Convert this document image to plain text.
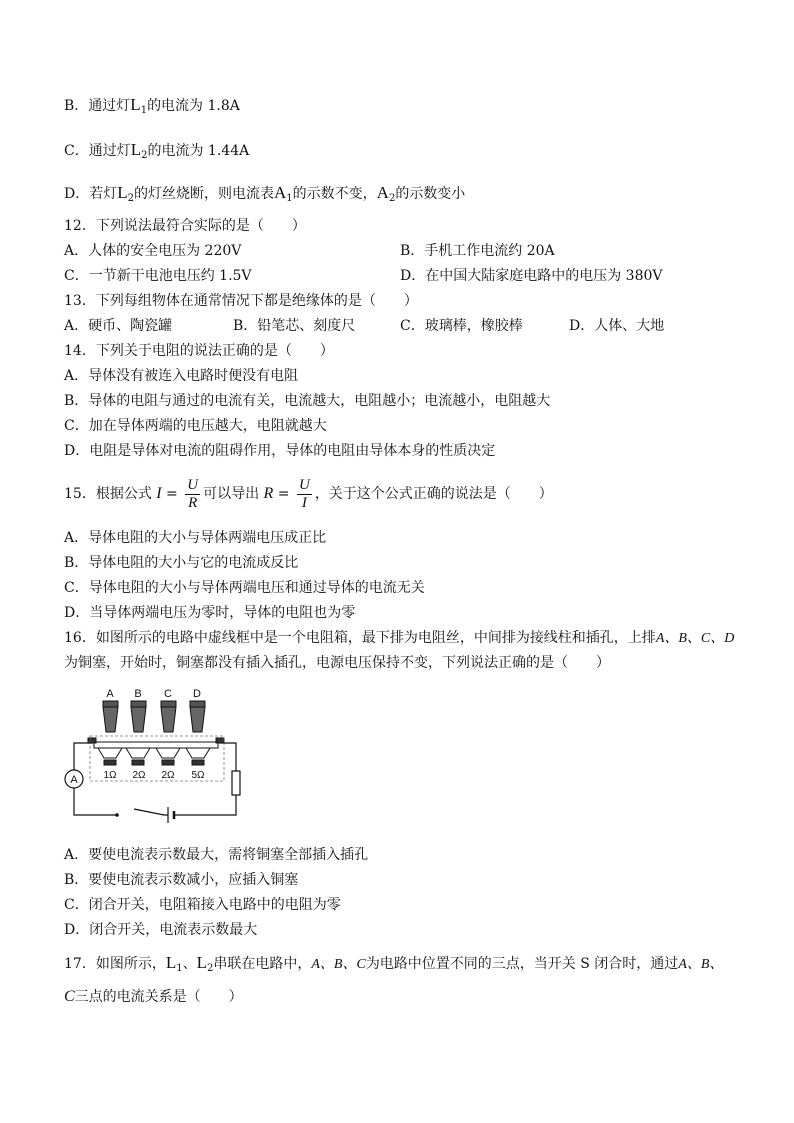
B．通过灯$L_1$的电流为 1.8A
C．通过灯$L_2$的电流为 1.44A
D．若灯$L_2$的灯丝烧断，则电流表$A_1$的示数不变，$A_2$的示数变小
12．下列说法最符合实际的是（　　）
A．人体的安全电压为 220V	B．手机工作电流约 20A
C．一节新干电池电压约 1.5V	D．在中国大陆家庭电路中的电压为 380V
13．下列每组物体在通常情况下都是绝缘体的是（　　）
A．硬币、陶瓷罐	B．铅笔芯、刻度尺	C．玻璃棒，橡胶棒	D．人体、大地
14．下列关于电阻的说法正确的是（　　）
A．导体没有被连入电路时便没有电阻
B．导体的电阻与通过的电流有关，电流越大，电阻越小；电流越小，电阻越大
C．加在导体两端的电压越大，电阻就越大
D．电阻是导体对电流的阻碍作用，导体的电阻由导体本身的性质决定
15．根据公式 $I = \frac{U}{R}$ 可以导出 $R = \frac{U}{I}$ ，关于这个公式正确的说法是（　　）
A．导体电阻的大小与导体两端电压成正比
B．导体电阻的大小与它的电流成反比
C．导体电阻的大小与导体两端电压和通过导体的电流无关
D．当导体两端电压为零时，导体的电阻也为零
16．如图所示的电路中虚线框中是一个电阻箱，最下排为电阻丝，中间排为接线柱和插孔，上排A、B、C、D
为铜塞，开始时，铜塞都没有插入插孔，电源电压保持不变，下列说法正确的是（　　）
A B C D
1Ω 2Ω 2Ω 5Ω
A
A．要使电流表示数最大，需将铜塞全部插入插孔
B．要使电流表示数减小，应插入铜塞
C．闭合开关，电阻箱接入电路中的电阻为零
D．闭合开关，电流表示数最大
17．如图所示，$L_1$、$L_2$串联在电路中，A、B、C为电路中位置不同的三点，当开关 S 闭合时，通过A、B、
C三点的电流关系是（　　）
